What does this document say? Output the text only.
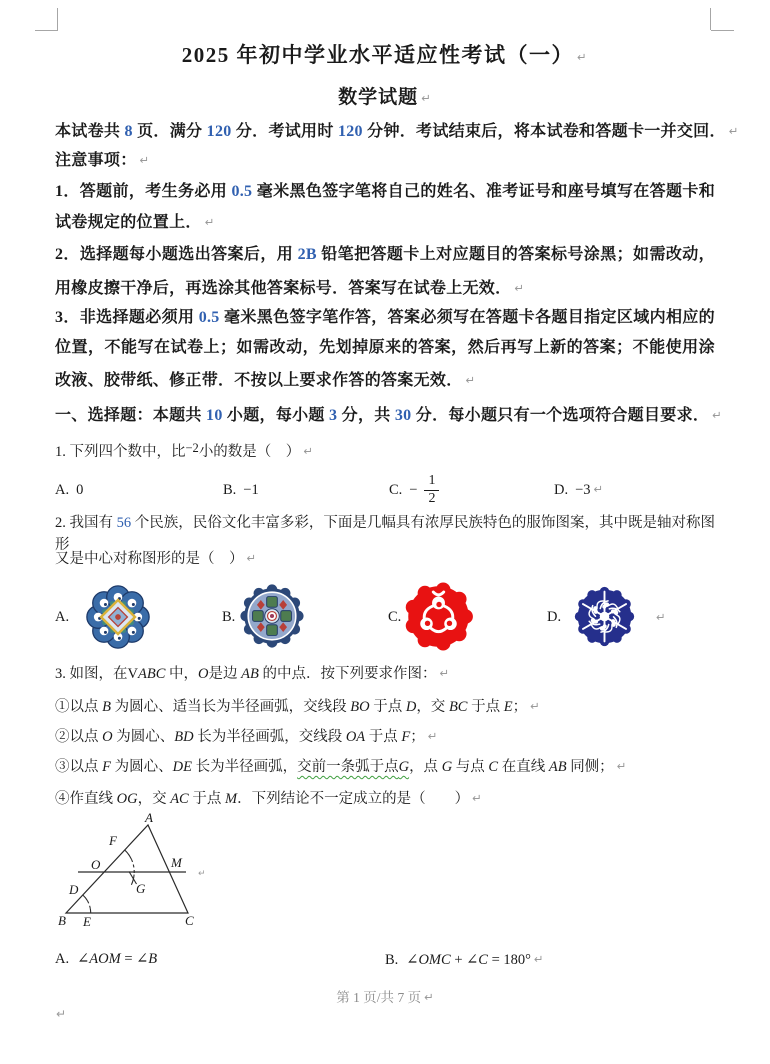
2025 年初中学业水平适应性考试（一） ↵
数学试题 ↵
本试卷共 8 页．满分 120 分．考试用时 120 分钟．考试结束后，将本试卷和答题卡一并交回． ↵
注意事项： ↵
1．答题前，考生务必用 0.5 毫米黑色签字笔将自己的姓名、准考证号和座号填写在答题卡和
试卷规定的位置上． ↵
2．选择题每小题选出答案后，用 2B 铅笔把答题卡上对应题目的答案标号涂黑；如需改动，
用橡皮擦干净后，再选涂其他答案标号．答案写在试卷上无效． ↵
3．非选择题必须用 0.5 毫米黑色签字笔作答，答案必须写在答题卡各题目指定区域内相应的
位置，不能写在试卷上；如需改动，先划掉原来的答案，然后再写上新的答案；不能使用涂
改液、胶带纸、修正带．不按以上要求作答的答案无效． ↵
一、选择题：本题共 10 小题，每小题 3 分，共 30 分．每小题只有一个选项符合题目要求． ↵
1. 下列四个数中，比−2小的数是（　） ↵
A. 0	B. −1	C. − $\frac{1}{2}$	D. −3 ↵
2. 我国有 56 个民族，民俗文化丰富多彩，下面是几幅具有浓厚民族特色的服饰图案，其中既是轴对称图形
又是中心对称图形的是（　） ↵
A.	B.	C.	D.	↵
3. 如图，在VABC 中，O是边 AB 的中点．按下列要求作图： ↵
①以点 B 为圆心、适当长为半径画弧，交线段 BO 于点 D，交 BC 于点 E； ↵
②以点 O 为圆心、BD 长为半径画弧，交线段 OA 于点 F； ↵
③以点 F 为圆心、DE 长为半径画弧，交前一条弧于点G，点 G 与点 C 在直线 AB 同侧； ↵
④作直线 OG，交 AC 于点 M．下列结论不一定成立的是（　　） ↵
A
B	C
D
E
F
G
O	M
↵
A. ∠AOM = ∠B	B. ∠OMC + ∠C = 180° ↵
第 1 页/共 7 页 ↵
↵
